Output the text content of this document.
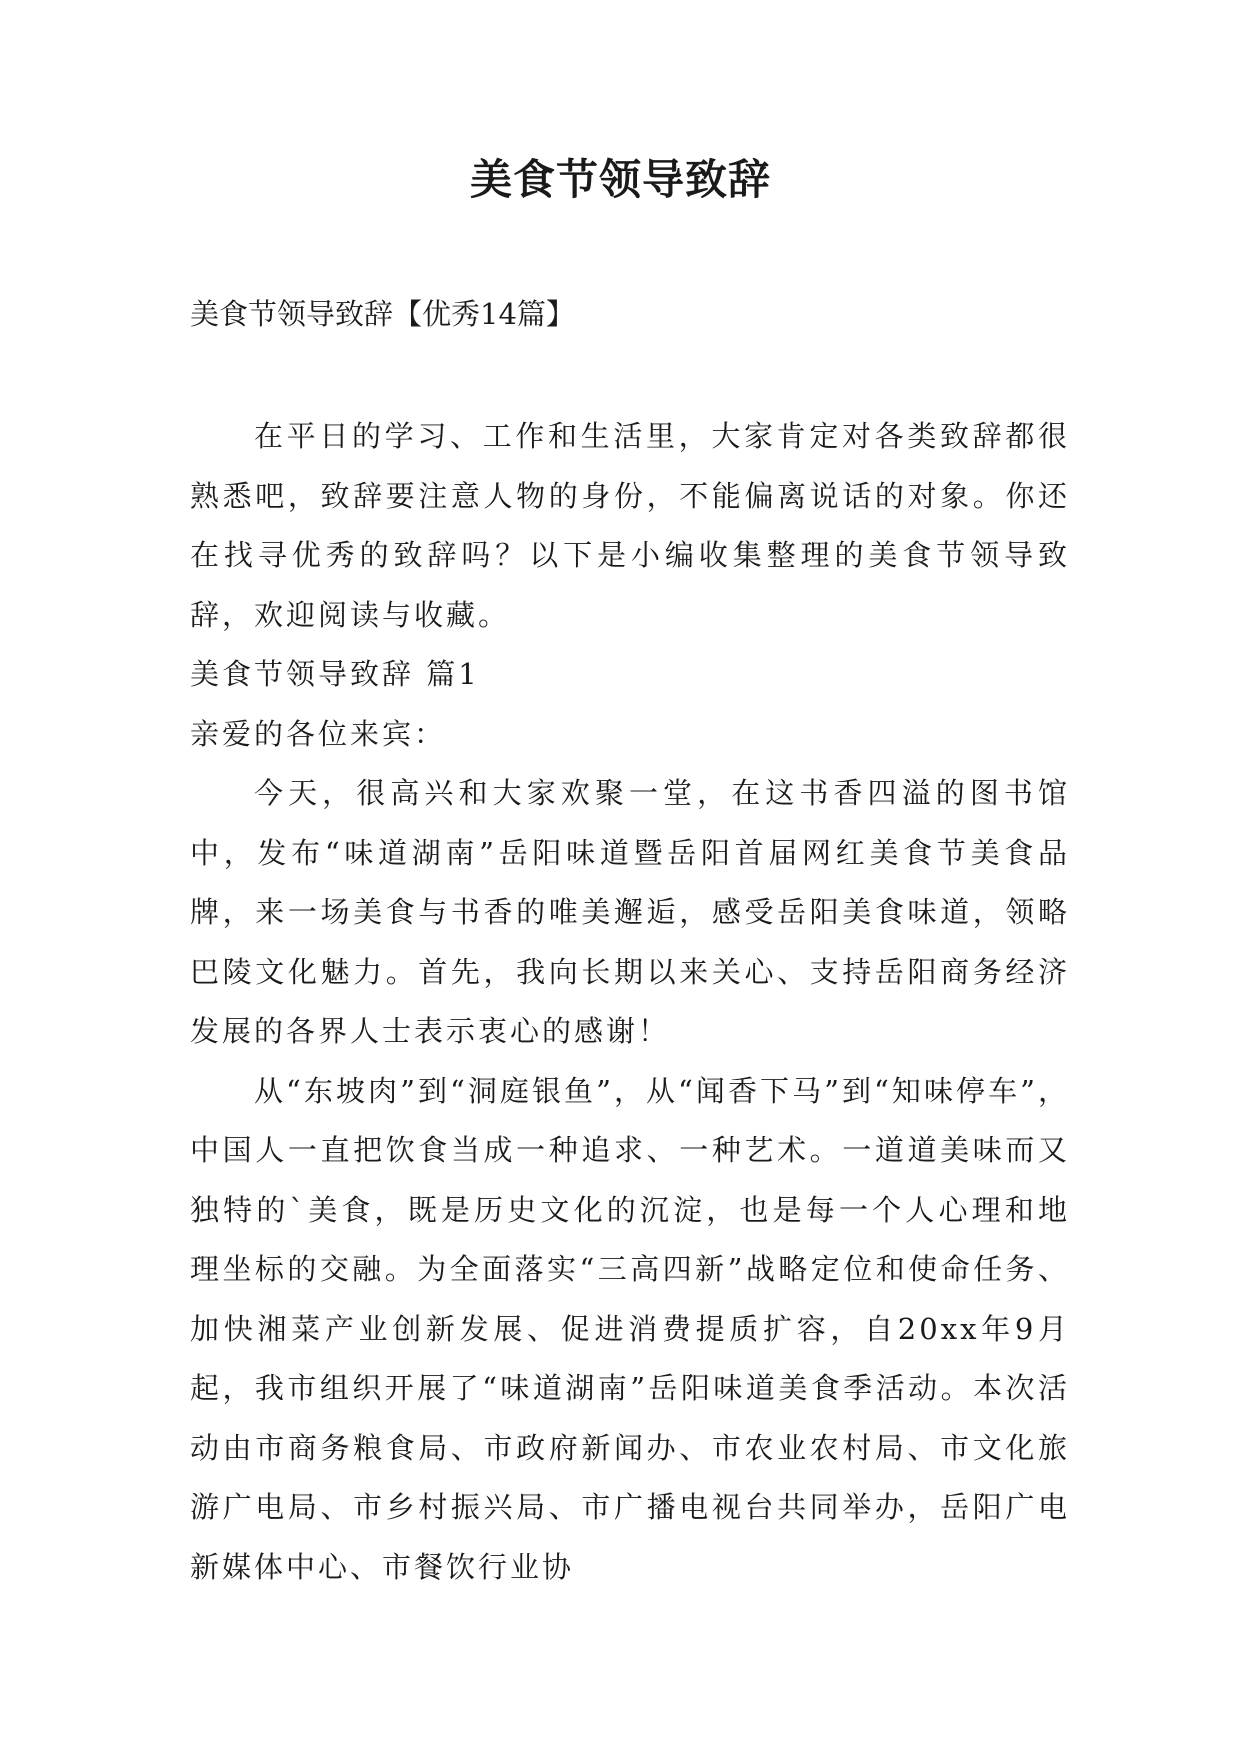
美食节领导致辞
美食节领导致辞【优秀14篇】

在平日的学习、工作和生活里，大家肯定对各类致辞都很熟悉吧，致辞要注意人物的身份，不能偏离说话的对象。你还在找寻优秀的致辞吗？以下是小编收集整理的美食节领导致辞，欢迎阅读与收藏。

美食节领导致辞 篇1

亲爱的各位来宾：

今天，很高兴和大家欢聚一堂，在这书香四溢的图书馆中，发布“味道湖南”岳阳味道暨岳阳首届网红美食节美食品牌，来一场美食与书香的唯美邂逅，感受岳阳美食味道，领略巴陵文化魅力。首先，我向长期以来关心、支持岳阳商务经济发展的各界人士表示衷心的感谢！

从“东坡肉”到“洞庭银鱼”，从“闻香下马”到“知味停车”，中国人一直把饮食当成一种追求、一种艺术。一道道美味而又独特的`美食，既是历史文化的沉淀，也是每一个人心理和地理坐标的交融。为全面落实“三高四新”战略定位和使命任务、加快湘菜产业创新发展、促进消费提质扩容，自20xx年9月起，我市组织开展了“味道湖南”岳阳味道美食季活动。本次活动由市商务粮食局、市政府新闻办、市农业农村局、市文化旅游广电局、市乡村振兴局、市广播电视台共同举办，岳阳广电新媒体中心、市餐饮行业协
